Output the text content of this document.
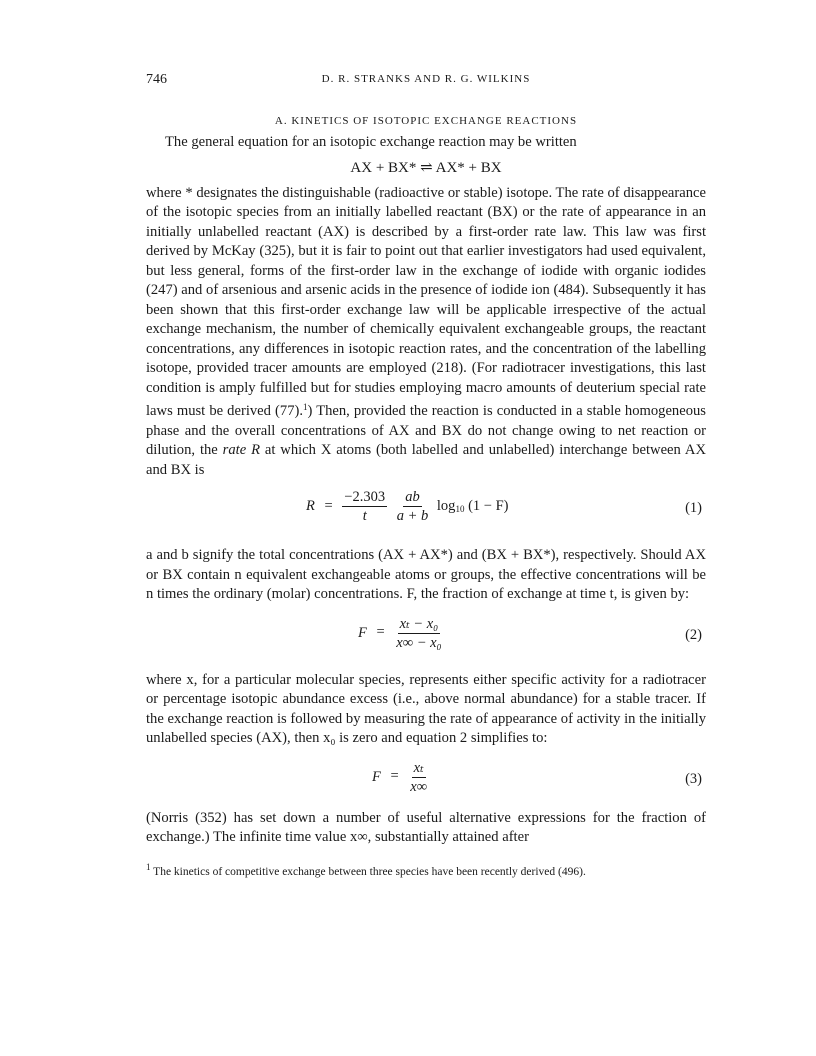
746	D. R. STRANKS AND R. G. WILKINS
A. KINETICS OF ISOTOPIC EXCHANGE REACTIONS

The general equation for an isotopic exchange reaction may be written

AX + BX* ⇌ AX* + BX

where * designates the distinguishable (radioactive or stable) isotope. The rate of disappearance of the isotopic species from an initially labelled reactant (BX) or the rate of appearance in an initially unlabelled reactant (AX) is described by a first-order rate law. This law was first derived by McKay (325), but it is fair to point out that earlier investigators had used equivalent, but less general, forms of the first-order law in the exchange of iodide with organic iodides (247) and of arsenious and arsenic acids in the presence of iodide ion (484). Subsequently it has been shown that this first-order exchange law will be applicable irrespective of the actual exchange mechanism, the number of chemically equivalent exchangeable groups, the reactant concentrations, any differences in isotopic reaction rates, and the concentration of the labelling isotope, provided tracer amounts are employed (218). (For radiotracer investigations, this last condition is amply fulfilled but for studies employing macro amounts of deuterium special rate laws must be derived (77).$^1$) Then, provided the reaction is conducted in a stable homogeneous phase and the overall concentrations of AX and BX do not change owing to net reaction or dilution, the rate R at which X atoms (both labelled and unlabelled) interchange between AX and BX is

$R = \frac{-2.303}{t}$
$\frac{ab}{a + b} \log_{10} (1 - F)$	(1)

a and b signify the total concentrations (AX + AX*) and (BX + BX*), respectively. Should AX or BX contain n equivalent exchangeable atoms or groups, the effective concentrations will be n times the ordinary (molar) concentrations. F, the fraction of exchange at time t, is given by:

$F = \frac{\text{xₜ − x₀}}{\text{x∞ − x₀}}$	(2)

where x, for a particular molecular species, represents either specific activity for a radiotracer or percentage isotopic abundance excess (i.e., above normal abundance) for a stable tracer. If the exchange reaction is followed by measuring the rate of appearance of activity in the initially unlabelled species (AX), then x₀ is zero and equation 2 simplifies to:

$F = \frac{\text{xₜ}}{x\infty}$	(3)

(Norris (352) has set down a number of useful alternative expressions for the fraction of exchange.) The infinite time value x∞, substantially attained after

$^1$ The kinetics of competitive exchange between three species have been recently derived (496).
